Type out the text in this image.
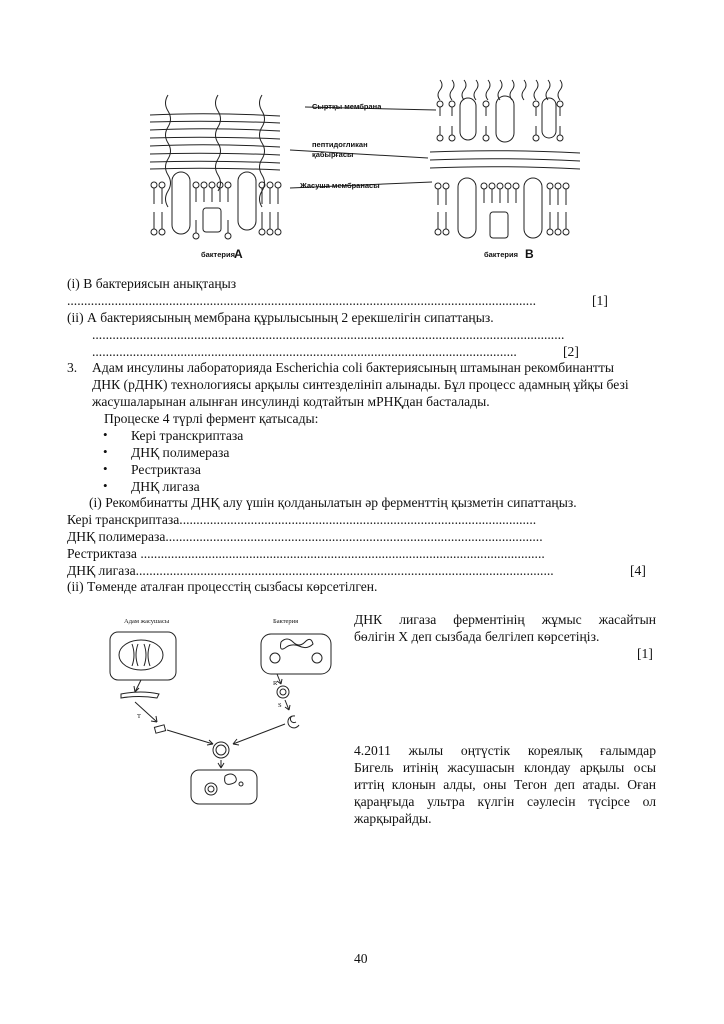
Сыртқы мембрана
пептидогликан
қабырғасы
Жасуша мембранасы
бактерия A	бактерия B
(i) В бактериясын анықтаңыз
..........................................................................................................................................	[1]
(ii) А бактериясының мембрана құрылысының 2 ерекшелігін сипаттаңыз.
...........................................................................................................................................
.............................................................................................................................	[2]
3. Адам инсулины лабораторияда Escherichia coli бактериясының штамынан рекомбинантты
ДНК (рДНК) технологиясы арқылы синтезделініп алынады. Бұл процесс адамның ұйқы безі
жасушаларынан алынған инсулинді кодтайтын мРНҚдан басталады.
Процеске 4 түрлі фермент қатысады:
• Кері транскриптаза
• ДНҚ полимераза
• Рестриктаза
• ДНҚ лигаза
(i) Рекомбинатты ДНҚ алу үшін қолданылатын әр ферменттің қызметін сипаттаңыз.
Кері транскриптаза.........................................................................................................
ДНҚ полимераза...............................................................................................................
Рестриктаза .......................................................................................................................
ДНҚ лигаза...........................................................................................................................	[4]
(ii) Төменде аталған процесстің сызбасы көрсетілген.
Адам жасушасы	Бактерия
R
S
T
ДНК лигаза ферментінің жұмыс жасайтын
бөлігін X деп сызбада белгілеп көрсетіңіз.
[1]
4.2011 жылы оңтүстік кореялық ғалымдар
Бигель итінің жасушасын клондау арқылы осы
иттің клонын алды, оны Тегон деп атады. Оған
қараңғыда ультра күлгін сәулесін түсірсе ол
жарқырайды.
40
